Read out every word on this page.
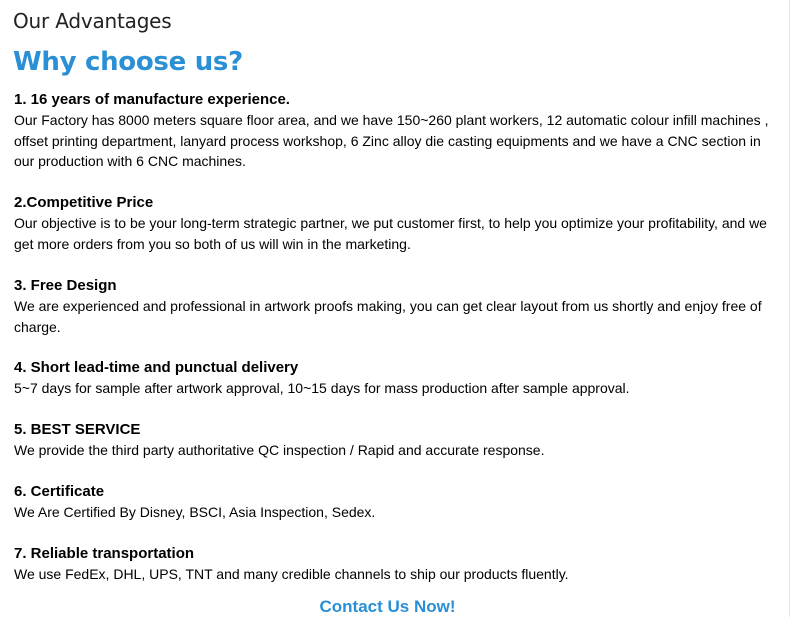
Our Advantages
Why choose us?

1. 16 years of manufacture experience.

Our Factory has 8000 meters square floor area, and we have 150~260 plant workers, 12 automatic colour infill machines , offset printing department, lanyard process workshop, 6 Zinc alloy die casting equipments and we have a CNC section in our production with 6 CNC machines.

2.Competitive Price

Our objective is to be your long-term strategic partner, we put customer first, to help you optimize your profitability, and we get more orders from you so both of us will win in the marketing.

3. Free Design

We are experienced and professional in artwork proofs making, you can get clear layout from us shortly and enjoy free of charge.

4. Short lead-time and punctual delivery

5~7 days for sample after artwork approval, 10~15 days for mass production after sample approval.

5. BEST SERVICE

We provide the third party authoritative QC inspection / Rapid and accurate response.

6. Certificate

We Are Certified By Disney, BSCI, Asia Inspection, Sedex.

7. Reliable transportation

We use FedEx, DHL, UPS, TNT and many credible channels to ship our products fluently.

Contact Us Now!
